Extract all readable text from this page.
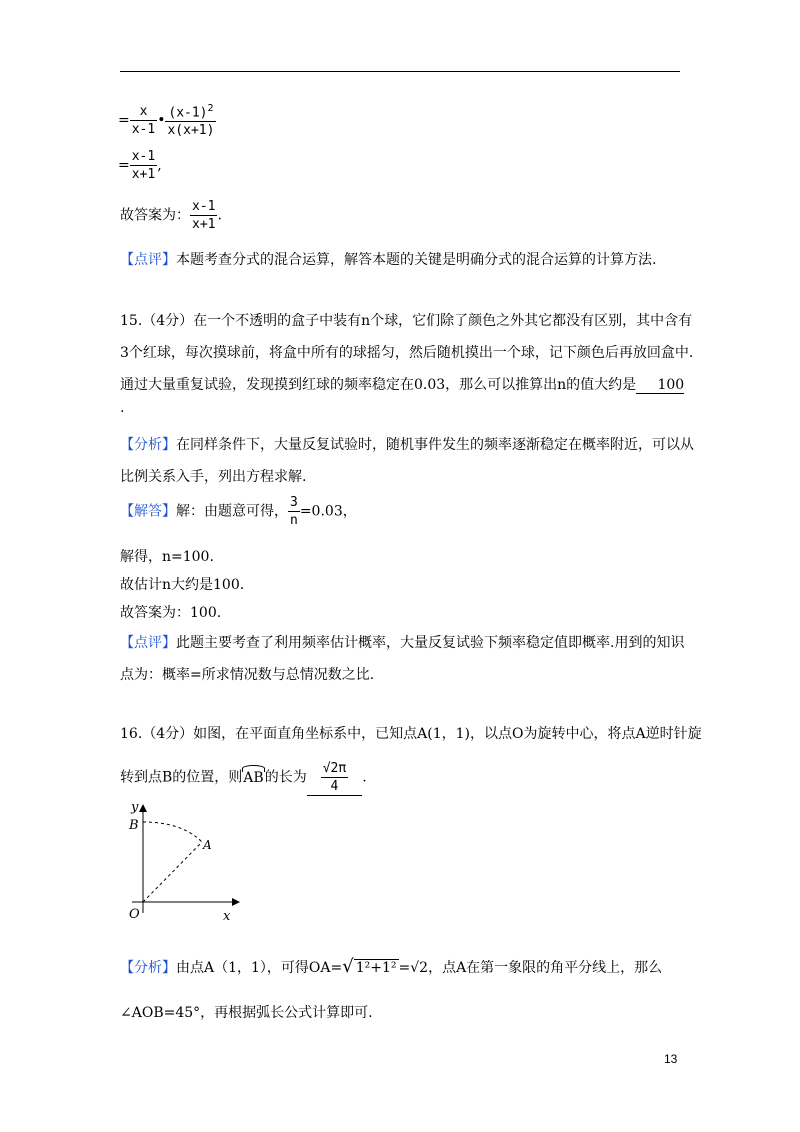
= $\frac{x}{x-1}$ • $\frac{(x-1)^2}{x(x+1)}$
= $\frac{x-1}{x+1}$ ,
故答案为： $\frac{x-1}{x+1}$ .
【点评】本题考查分式的混合运算，解答本题的关键是明确分式的混合运算的计算方法.
15.（4分）在一个不透明的盒子中装有n个球，它们除了颜色之外其它都没有区别，其中含有
3个红球，每次摸球前，将盒中所有的球摇匀，然后随机摸出一个球，记下颜色后再放回盒中.
通过大量重复试验，发现摸到红球的频率稳定在0.03，那么可以推算出n的值大约是 100
.
【分析】在同样条件下，大量反复试验时，随机事件发生的频率逐渐稳定在概率附近，可以从
比例关系入手，列出方程求解.
【解答】解：由题意可得， $\frac{3}{n} =0.03$，
解得，n=100.
故估计n大约是100.
故答案为：100.
【点评】此题主要考查了利用频率估计概率，大量反复试验下频率稳定值即概率.用到的知识
点为：概率=所求情况数与总情况数之比.
16.（4分）如图，在平面直角坐标系中，已知点A(1，1)，以点O为旋转中心，将点A逆时针旋
转到点B的位置，则
AB的长为 $\frac{√2\pi}{4}$ .
y
B
A
O	x
【分析】由点A（1，1），可得OA=√ 1²+1² =√2，点A在第一象限的角平分线上，那么
∠AOB=45°，再根据弧长公式计算即可.
13
